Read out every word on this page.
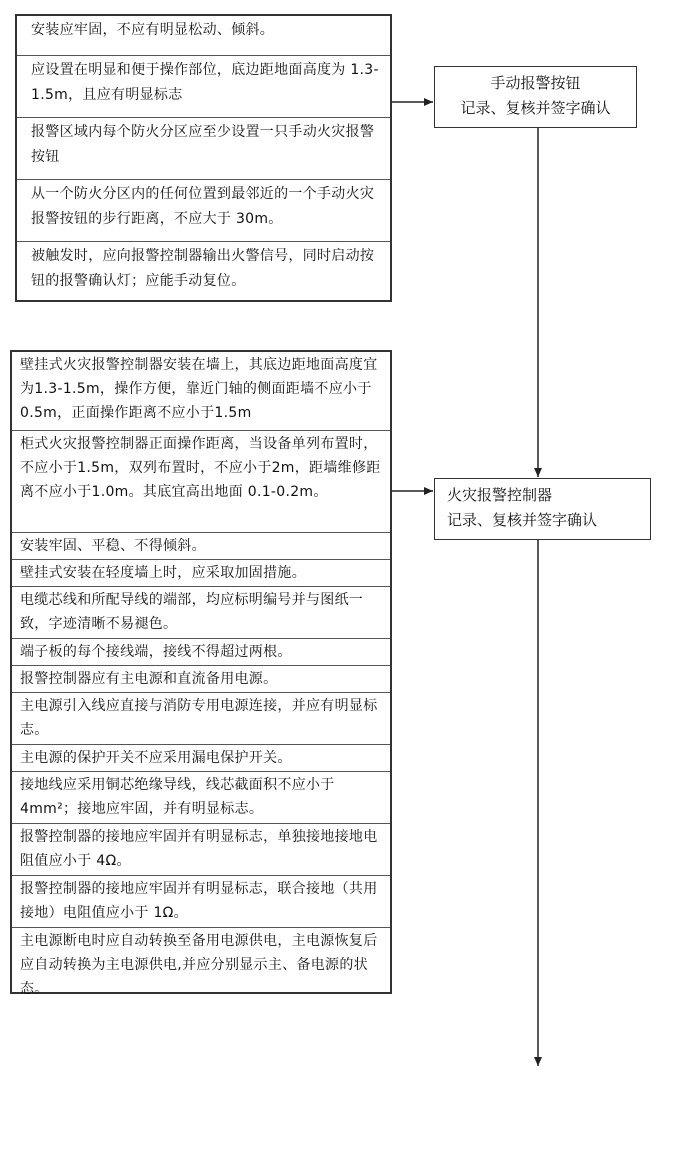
安装应牢固，不应有明显松动、倾斜。
应设置在明显和便于操作部位，底边距地面高度为 1.3-1.5m，且应有明显标志
报警区域内每个防火分区应至少设置一只手动火灾报警按钮
从一个防火分区内的任何位置到最邻近的一个手动火灾报警按钮的步行距离，不应大于 30m。
被触发时，应向报警控制器输出火警信号，同时启动按钮的报警确认灯；应能手动复位。
手动报警按钮
记录、复核并签字确认
壁挂式火灾报警控制器安装在墙上，其底边距地面高度宜为1.3-1.5m，操作方便，靠近门轴的侧面距墙不应小于0.5m，正面操作距离不应小于1.5m
柜式火灾报警控制器正面操作距离，当设备单列布置时，不应小于1.5m，双列布置时，不应小于2m，距墙维修距离不应小于1.0m。其底宜高出地面 0.1-0.2m。
安装牢固、平稳、不得倾斜。
壁挂式安装在轻度墙上时，应采取加固措施。
电缆芯线和所配导线的端部，均应标明编号并与图纸一致，字迹清晰不易褪色。
端子板的每个接线端，接线不得超过两根。
报警控制器应有主电源和直流备用电源。
主电源引入线应直接与消防专用电源连接，并应有明显标志。
主电源的保护开关不应采用漏电保护开关。
接地线应采用铜芯绝缘导线，线芯截面积不应小于4mm²；接地应牢固，并有明显标志。
报警控制器的接地应牢固并有明显标志，单独接地接地电阻值应小于 4Ω。
报警控制器的接地应牢固并有明显标志，联合接地（共用接地）电阻值应小于 1Ω。
主电源断电时应自动转换至备用电源供电，主电源恢复后应自动转换为主电源供电,并应分别显示主、备电源的状态。
火灾报警控制器
记录、复核并签字确认
